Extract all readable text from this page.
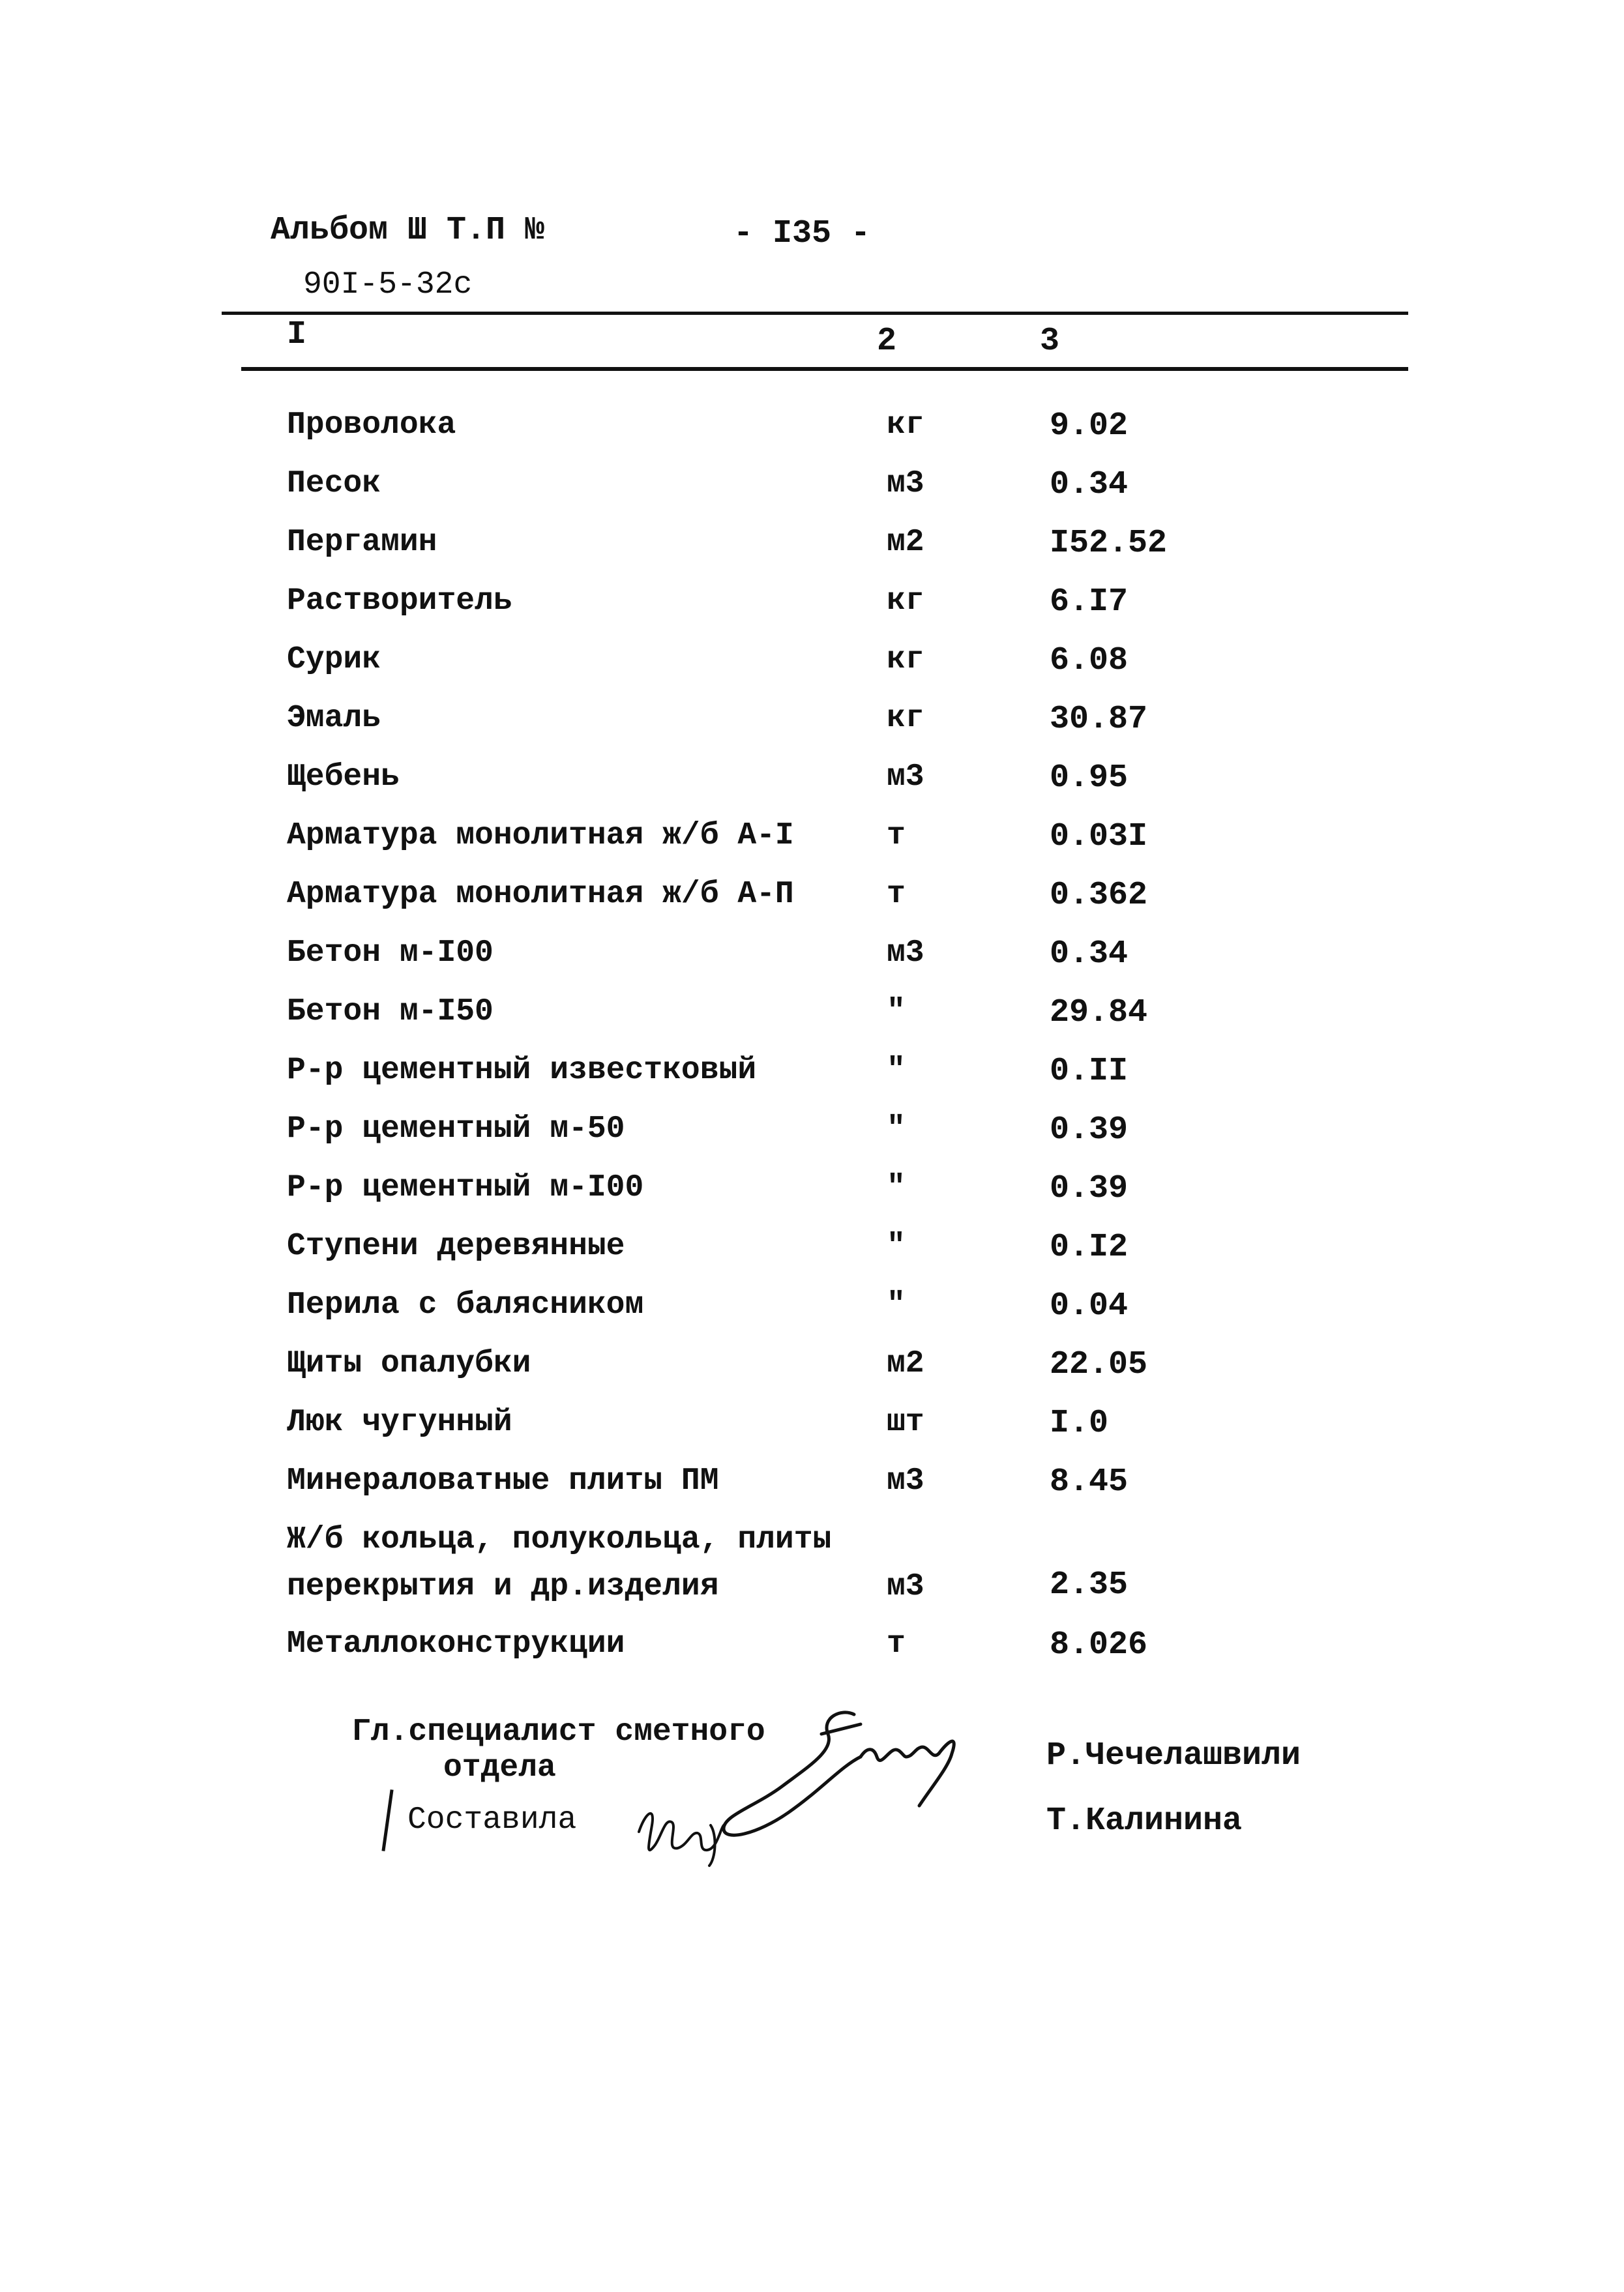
Альбом Ш Т.П №	- I35 -
90I-5-32с
I	2	3
Проволока	кг	9.02
Песок	м3	0.34
Пергамин	м2	I52.52
Растворитель	кг	6.I7
Сурик	кг	6.08
Эмаль	кг	30.87
Щебень	м3	0.95
Арматура монолитная ж/б А-I	т	0.03I
Арматура монолитная ж/б А-П	т	0.362
Бетон м-I00	м3	0.34
Бетон м-I50	"	29.84
Р-р цементный известковый	"	0.II
Р-р цементный м-50	"	0.39
Р-р цементный м-I00	"	0.39
Ступени деревянные	"	0.I2
Перила с балясником	"	0.04
Щиты опалубки	м2	22.05
Люк чугунный	шт	I.0
Минераловатные плиты ПМ	м3	8.45
Ж/б кольца, полукольца, плиты
перекрытия и др.изделия	м3	2.35
Металлоконструкции	т	8.026
Гл.специалист сметного
отдела	Р.Чечелашвили
Составила	Т.Калинина
